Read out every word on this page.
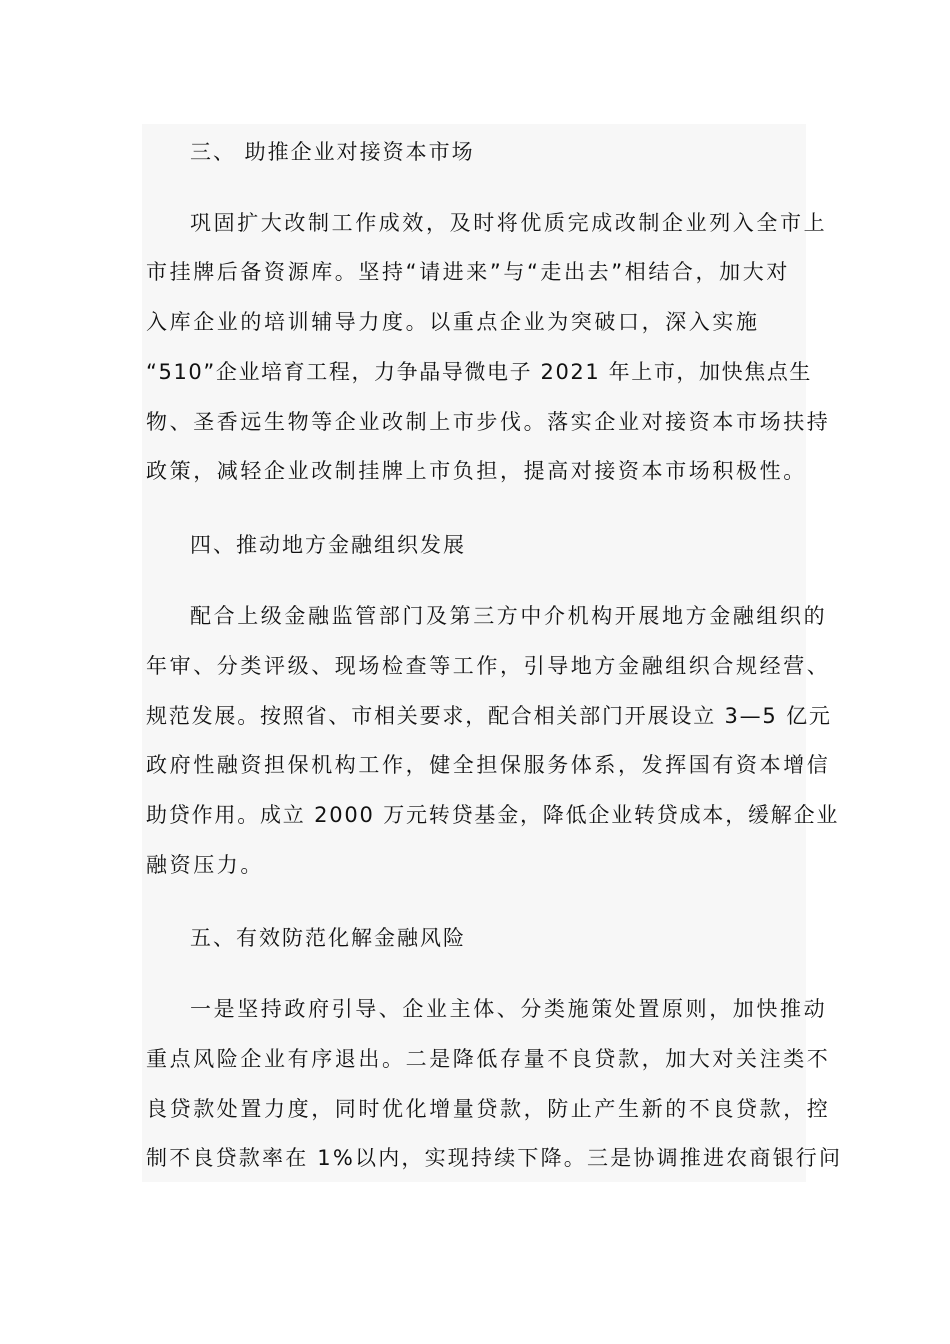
三、 助推企业对接资本市场
巩固扩大改制工作成效，及时将优质完成改制企业列入全市上
市挂牌后备资源库。坚持“请进来”与“走出去”相结合，加大对
入库企业的培训辅导力度。以重点企业为突破口，深入实施
“510”企业培育工程，力争晶导微电子 2021 年上市，加快焦点生
物、圣香远生物等企业改制上市步伐。落实企业对接资本市场扶持
政策，减轻企业改制挂牌上市负担，提高对接资本市场积极性。
四、推动地方金融组织发展
配合上级金融监管部门及第三方中介机构开展地方金融组织的
年审、分类评级、现场检查等工作，引导地方金融组织合规经营、
规范发展。按照省、市相关要求，配合相关部门开展设立 3—5 亿元
政府性融资担保机构工作，健全担保服务体系，发挥国有资本增信
助贷作用。成立 2000 万元转贷基金，降低企业转贷成本，缓解企业
融资压力。
五、有效防范化解金融风险
一是坚持政府引导、企业主体、分类施策处置原则，加快推动
重点风险企业有序退出。二是降低存量不良贷款，加大对关注类不
良贷款处置力度，同时优化增量贷款，防止产生新的不良贷款，控
制不良贷款率在 1%以内，实现持续下降。三是协调推进农商银行问
